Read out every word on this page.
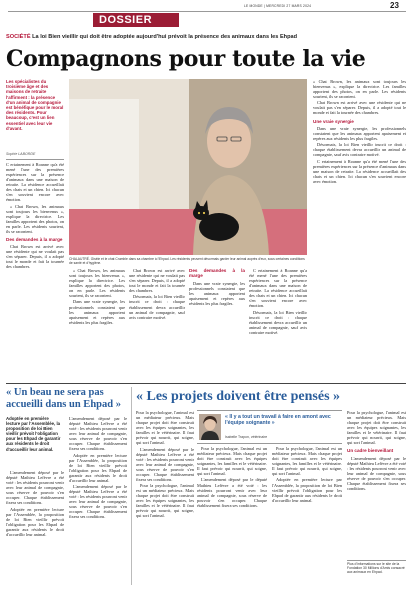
LE MONDE | MERCREDI 27 MARS 2024	23
DOSSIER
SOCIÉTÉ La loi Bien vieillir qui doit être adoptée aujourd'hui prévoit la présence des animaux dans les Ehpad
Compagnons pour toute la vie
Les spécialistes du troisième âge et des maisons de retraite l'affirment : la présence d'un animal de compagnie est bénéfique pour le moral des résidents. Pour beaucoup, c'est un lien essentiel avec leur vie d'avant.
Sophie LABORDE

C ertainement à Roanne qu'a été mené l'une des premières expériences sur la présence d'animaux dans une maison de retraite. La résidence accueillait des chats et un chien. Ici chacun s'en souvient encore avec émotion.

« Chat Brown, les animaux sont toujours les bienvenus », explique la directrice. Les familles apportent des photos, on en parle. Les résidents sourient, ils se racontent.

Des demandes à la marge

Chat Brown est arrivé avec une résidente qui ne voulait pas s'en séparer. Depuis, il a adopté tout le monde et fait la tournée des chambres.

CHALAUTRÉ. Gisèle et le chat Crumble dans sa chambre à l'Ehpad. Les résidents peuvent désormais garder leur animal auprès d'eux, sous certaines conditions de santé et d'hygiène.

« Chat Brown, les animaux sont toujours les bienvenus », explique la directrice. Les familles apportent des photos, on en parle. Les résidents sourient, ils se racontent.

Dans une vraie synergie, les professionnels constatent que les animaux apportent apaisement et repères aux résidents les plus fragiles.

Chat Brown est arrivé avec une résidente qui ne voulait pas s'en séparer. Depuis, il a adopté tout le monde et fait la tournée des chambres.

Désormais, la loi Bien vieillir inscrit ce droit : chaque établissement devra accueillir un animal de compagnie, sauf avis contraire motivé.

Des demandes à la marge

Dans une vraie synergie, les professionnels constatent que les animaux apportent apaisement et repères aux résidents les plus fragiles.

C ertainement à Roanne qu'a été mené l'une des premières expériences sur la présence d'animaux dans une maison de retraite. La résidence accueillait des chats et un chien. Ici chacun s'en souvient encore avec émotion.

Désormais, la loi Bien vieillir inscrit ce droit : chaque établissement devra accueillir un animal de compagnie, sauf avis contraire motivé.

« Chat Brown, les animaux sont toujours les bienvenus », explique la directrice. Les familles apportent des photos, on en parle. Les résidents sourient, ils se racontent.

Chat Brown est arrivé avec une résidente qui ne voulait pas s'en séparer. Depuis, il a adopté tout le monde et fait la tournée des chambres.

Une vraie synergie

Dans une vraie synergie, les professionnels constatent que les animaux apportent apaisement et repères aux résidents les plus fragiles.

Désormais, la loi Bien vieillir inscrit ce droit : chaque établissement devra accueillir un animal de compagnie, sauf avis contraire motivé.

C ertainement à Roanne qu'a été mené l'une des premières expériences sur la présence d'animaux dans une maison de retraite. La résidence accueillait des chats et un chien. Ici chacun s'en souvient encore avec émotion.

« Un beau ne sera pas accueilli dans un Ehpad »
Adoptée en première lecture par l'Assemblée, la proposition de loi Bien vieillir prévoit l'obligation pour les Ehpad de garantir aux résidents le droit d'accueillir leur animal.

L'amendement déposé par le député Mathieu Lefèvre a été voté : les résidents pourront venir avec leur animal de compagnie, sous réserve de pouvoir s'en occuper. Chaque établissement fixera ses conditions.

Adoptée en première lecture par l'Assemblée, la proposition de loi Bien vieillir prévoit l'obligation pour les Ehpad de garantir aux résidents le droit d'accueillir leur animal.

L'amendement déposé par le député Mathieu Lefèvre a été voté : les résidents pourront venir avec leur animal de compagnie, sous réserve de pouvoir s'en occuper. Chaque établissement fixera ses conditions.

Adoptée en première lecture par l'Assemblée, la proposition de loi Bien vieillir prévoit l'obligation pour les Ehpad de garantir aux résidents le droit d'accueillir leur animal.

L'amendement déposé par le député Mathieu Lefèvre a été voté : les résidents pourront venir avec leur animal de compagnie, sous réserve de pouvoir s'en occuper. Chaque établissement fixera ses conditions.

« Les projets doivent être pensés »

Pour la psychologue, l'animal est un médiateur précieux. Mais chaque projet doit être construit avec les équipes soignantes, les familles et le vétérinaire. Il faut prévoir qui nourrit, qui soigne, qui sort l'animal.

L'amendement déposé par le député Mathieu Lefèvre a été voté : les résidents pourront venir avec leur animal de compagnie, sous réserve de pouvoir s'en occuper. Chaque établissement fixera ses conditions.

Pour la psychologue, l'animal est un médiateur précieux. Mais chaque projet doit être construit avec les équipes soignantes, les familles et le vétérinaire. Il faut prévoir qui nourrit, qui soigne, qui sort l'animal.

« Il y a tout un travail à faire en amont avec l'équipe soignante »
Isabelle Trapon, vétérinaire

Pour la psychologue, l'animal est un médiateur précieux. Mais chaque projet doit être construit avec les équipes soignantes, les familles et le vétérinaire. Il faut prévoir qui nourrit, qui soigne, qui sort l'animal.

L'amendement déposé par le député Mathieu Lefèvre a été voté : les résidents pourront venir avec leur animal de compagnie, sous réserve de pouvoir s'en occuper. Chaque établissement fixera ses conditions.

Pour la psychologue, l'animal est un médiateur précieux. Mais chaque projet doit être construit avec les équipes soignantes, les familles et le vétérinaire. Il faut prévoir qui nourrit, qui soigne, qui sort l'animal.

Adoptée en première lecture par l'Assemblée, la proposition de loi Bien vieillir prévoit l'obligation pour les Ehpad de garantir aux résidents le droit d'accueillir leur animal.

Pour la psychologue, l'animal est un médiateur précieux. Mais chaque projet doit être construit avec les équipes soignantes, les familles et le vétérinaire. Il faut prévoir qui nourrit, qui soigne, qui sort l'animal.

Un cadre bienveillant

L'amendement déposé par le député Mathieu Lefèvre a été voté : les résidents pourront venir avec leur animal de compagnie, sous réserve de pouvoir s'en occuper. Chaque établissement fixera ses conditions.

Plus d'informations sur le site de la Fondation 30 Millions d'Amis consacré aux animaux en Ehpad.
